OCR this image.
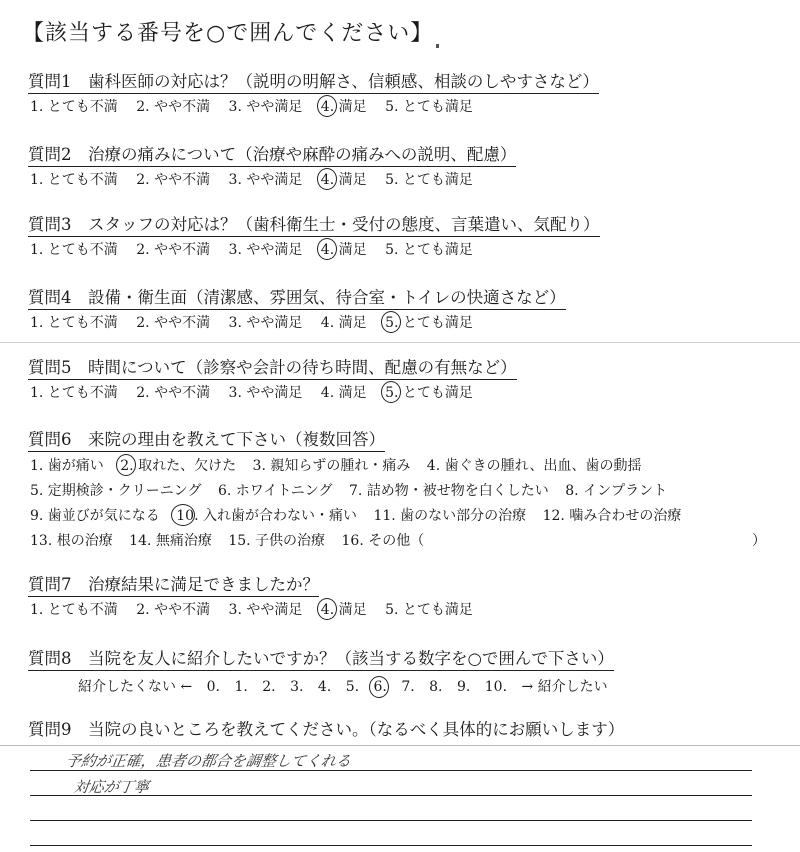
【該当する番号を○で囲んでください】
質問1　歯科医師の対応は？（説明の明解さ、信頼感、相談のしやすさなど）
1. とても不満 2. やや不満 3. やや満足 4. 満足 5. とても満足
質問2　治療の痛みについて（治療や麻酔の痛みへの説明、配慮）
1. とても不満 2. やや不満 3. やや満足 4. 満足 5. とても満足
質問3　スタッフの対応は？（歯科衛生士・受付の態度、言葉遣い、気配り）
1. とても不満 2. やや不満 3. やや満足 4. 満足 5. とても満足
質問4　設備・衛生面（清潔感、雰囲気、待合室・トイレの快適さなど）
1. とても不満 2. やや不満 3. やや満足 4. 満足 5. とても満足
質問5　時間について（診察や会計の待ち時間、配慮の有無など）
1. とても不満 2. やや不満 3. やや満足 4. 満足 5. とても満足
質問6　来院の理由を教えて下さい（複数回答）
1. 歯が痛い 2. 取れた、欠けた 3. 親知らずの腫れ・痛み 4. 歯ぐきの腫れ、出血、歯の動揺
5. 定期検診・クリーニング 6. ホワイトニング 7. 詰め物・被せ物を白くしたい 8. インプラント
9. 歯並びが気になる 10. 入れ歯が合わない・痛い 11. 歯のない部分の治療 12. 噛み合わせの治療
13. 根の治療 14. 無痛治療 15. 子供の治療 16. その他（	）
質問7　治療結果に満足できましたか？
1. とても不満 2. やや不満 3. やや満足 4. 満足 5. とても満足
質問8　当院を友人に紹介したいですか？（該当する数字を○で囲んで下さい）
紹介したくない ← 0. 1. 2. 3. 4. 5. 6. 7. 8. 9. 10. → 紹介したい
質問9　当院の良いところを教えてください。（なるべく具体的にお願いします）
予約が正確，患者の都合を調整してくれる
対応が丁寧
